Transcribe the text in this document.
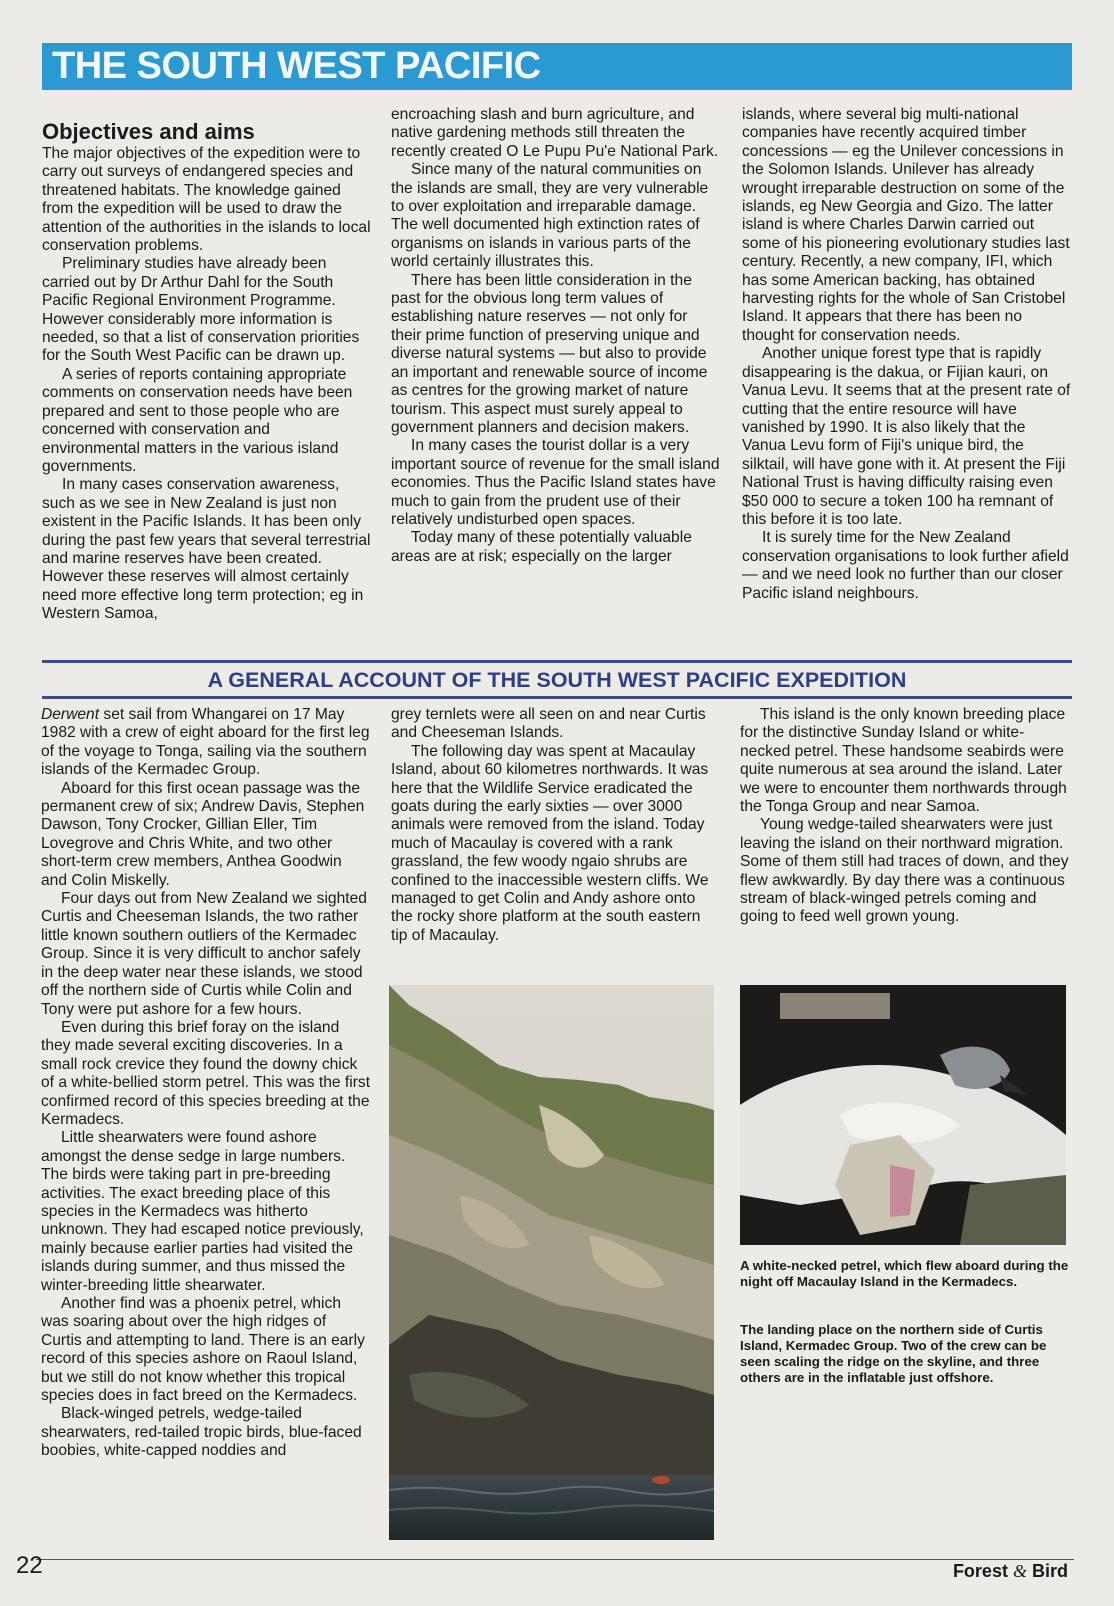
THE SOUTH WEST PACIFIC
Objectives and aims

The major objectives of the expedition were to carry out surveys of endangered species and threatened habitats. The knowledge gained from the expedition will be used to draw the attention of the authorities in the islands to local conservation problems.

Preliminary studies have already been carried out by Dr Arthur Dahl for the South Pacific Regional Environment Programme. However considerably more information is needed, so that a list of conservation priorities for the South West Pacific can be drawn up.

A series of reports containing appropriate comments on conservation needs have been prepared and sent to those people who are concerned with conservation and environmental matters in the various island governments.

In many cases conservation awareness, such as we see in New Zealand is just non existent in the Pacific Islands. It has been only during the past few years that several terrestrial and marine reserves have been created. However these reserves will almost certainly need more effective long term protection; eg in Western Samoa,

encroaching slash and burn agriculture, and native gardening methods still threaten the recently created O Le Pupu Pu'e National Park.

Since many of the natural communities on the islands are small, they are very vulnerable to over exploitation and irreparable damage. The well documented high extinction rates of organisms on islands in various parts of the world certainly illustrates this.

There has been little consideration in the past for the obvious long term values of establishing nature reserves — not only for their prime function of preserving unique and diverse natural systems — but also to provide an important and renewable source of income as centres for the growing market of nature tourism. This aspect must surely appeal to government planners and decision makers.

In many cases the tourist dollar is a very important source of revenue for the small island economies. Thus the Pacific Island states have much to gain from the prudent use of their relatively undisturbed open spaces.

Today many of these potentially valuable areas are at risk; especially on the larger

islands, where several big multi-national companies have recently acquired timber concessions — eg the Unilever concessions in the Solomon Islands. Unilever has already wrought irreparable destruction on some of the islands, eg New Georgia and Gizo. The latter island is where Charles Darwin carried out some of his pioneering evolutionary studies last century. Recently, a new company, IFI, which has some American backing, has obtained harvesting rights for the whole of San Cristobel Island. It appears that there has been no thought for conservation needs.

Another unique forest type that is rapidly disappearing is the dakua, or Fijian kauri, on Vanua Levu. It seems that at the present rate of cutting that the entire resource will have vanished by 1990. It is also likely that the Vanua Levu form of Fiji's unique bird, the silktail, will have gone with it. At present the Fiji National Trust is having difficulty raising even $50 000 to secure a token 100 ha remnant of this before it is too late.

It is surely time for the New Zealand conservation organisations to look further afield — and we need look no further than our closer Pacific island neighbours.

A GENERAL ACCOUNT OF THE SOUTH WEST PACIFIC EXPEDITION

Derwent set sail from Whangarei on 17 May 1982 with a crew of eight aboard for the first leg of the voyage to Tonga, sailing via the southern islands of the Kermadec Group.

Aboard for this first ocean passage was the permanent crew of six; Andrew Davis, Stephen Dawson, Tony Crocker, Gillian Eller, Tim Lovegrove and Chris White, and two other short-term crew members, Anthea Goodwin and Colin Miskelly.

Four days out from New Zealand we sighted Curtis and Cheeseman Islands, the two rather little known southern outliers of the Kermadec Group. Since it is very difficult to anchor safely in the deep water near these islands, we stood off the northern side of Curtis while Colin and Tony were put ashore for a few hours.

Even during this brief foray on the island they made several exciting discoveries. In a small rock crevice they found the downy chick of a white-bellied storm petrel. This was the first confirmed record of this species breeding at the Kermadecs.

Little shearwaters were found ashore amongst the dense sedge in large numbers. The birds were taking part in pre-breeding activities. The exact breeding place of this species in the Kermadecs was hitherto unknown. They had escaped notice previously, mainly because earlier parties had visited the islands during summer, and thus missed the winter-breeding little shearwater.

Another find was a phoenix petrel, which was soaring about over the high ridges of Curtis and attempting to land. There is an early record of this species ashore on Raoul Island, but we still do not know whether this tropical species does in fact breed on the Kermadecs.

Black-winged petrels, wedge-tailed shearwaters, red-tailed tropic birds, blue-faced boobies, white-capped noddies and

grey ternlets were all seen on and near Curtis and Cheeseman Islands.

The following day was spent at Macaulay Island, about 60 kilometres northwards. It was here that the Wildlife Service eradicated the goats during the early sixties — over 3000 animals were removed from the island. Today much of Macaulay is covered with a rank grassland, the few woody ngaio shrubs are confined to the inaccessible western cliffs. We managed to get Colin and Andy ashore onto the rocky shore platform at the south eastern tip of Macaulay.

This island is the only known breeding place for the distinctive Sunday Island or white-necked petrel. These handsome seabirds were quite numerous at sea around the island. Later we were to encounter them northwards through the Tonga Group and near Samoa.

Young wedge-tailed shearwaters were just leaving the island on their northward migration. Some of them still had traces of down, and they flew awkwardly. By day there was a continuous stream of black-winged petrels coming and going to feed well grown young.

A white-necked petrel, which flew aboard during the night off Macaulay Island in the Kermadecs.

The landing place on the northern side of Curtis Island, Kermadec Group. Two of the crew can be seen scaling the ridge on the skyline, and three others are in the inflatable just offshore.

22	Forest & Bird
